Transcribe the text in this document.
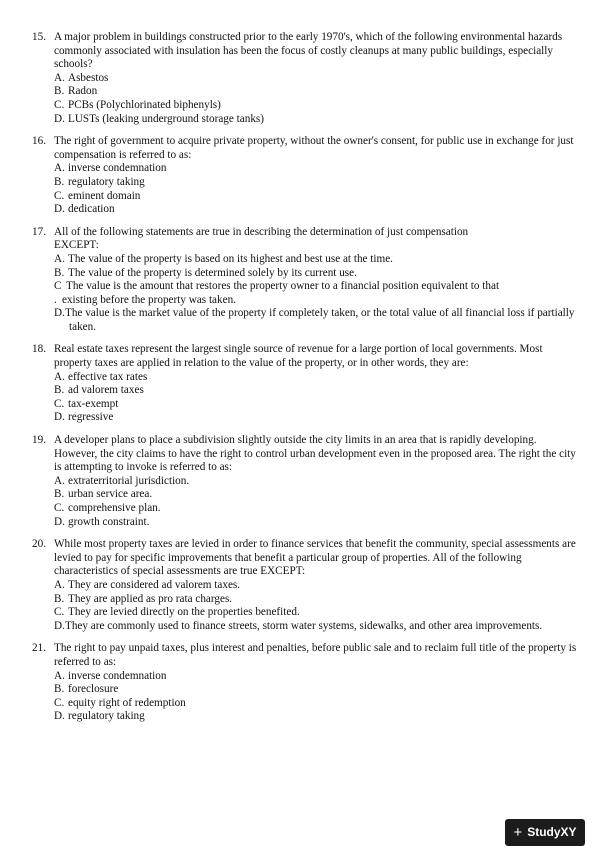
15. A major problem in buildings constructed prior to the early 1970's, which of the following environmental hazards commonly associated with insulation has been the focus of costly cleanups at many public buildings, especially schools?
A. Asbestos
B. Radon
C. PCBs (Polychlorinated biphenyls)
D. LUSTs (leaking underground storage tanks)
16. The right of government to acquire private property, without the owner's consent, for public use in exchange for just compensation is referred to as:
A. inverse condemnation
B. regulatory taking
C. eminent domain
D. dedication
17. All of the following statements are true in describing the determination of just compensation
EXCEPT:
A. The value of the property is based on its highest and best use at the time.
B. The value of the property is determined solely by its current use.
C The value is the amount that restores the property owner to a financial position equivalent to that
. existing before the property was taken.
D. The value is the market value of the property if completely taken, or the total value of all financial loss if partially taken.
18. Real estate taxes represent the largest single source of revenue for a large portion of local governments. Most property taxes are applied in relation to the value of the property, or in other words, they are:
A. effective tax rates
B. ad valorem taxes
C. tax-exempt
D. regressive
19. A developer plans to place a subdivision slightly outside the city limits in an area that is rapidly developing. However, the city claims to have the right to control urban development even in the proposed area. The right the city is attempting to invoke is referred to as:
A. extraterritorial jurisdiction.
B. urban service area.
C. comprehensive plan.
D. growth constraint.
20. While most property taxes are levied in order to finance services that benefit the community, special assessments are levied to pay for specific improvements that benefit a particular group of properties. All of the following characteristics of special assessments are true EXCEPT:
A. They are considered ad valorem taxes.
B. They are applied as pro rata charges.
C. They are levied directly on the properties benefited.
D. They are commonly used to finance streets, storm water systems, sidewalks, and other area improvements.
21. The right to pay unpaid taxes, plus interest and penalties, before public sale and to reclaim full title of the property is referred to as:
A. inverse condemnation
B. foreclosure
C. equity right of redemption
D. regulatory taking
+ Study XY
